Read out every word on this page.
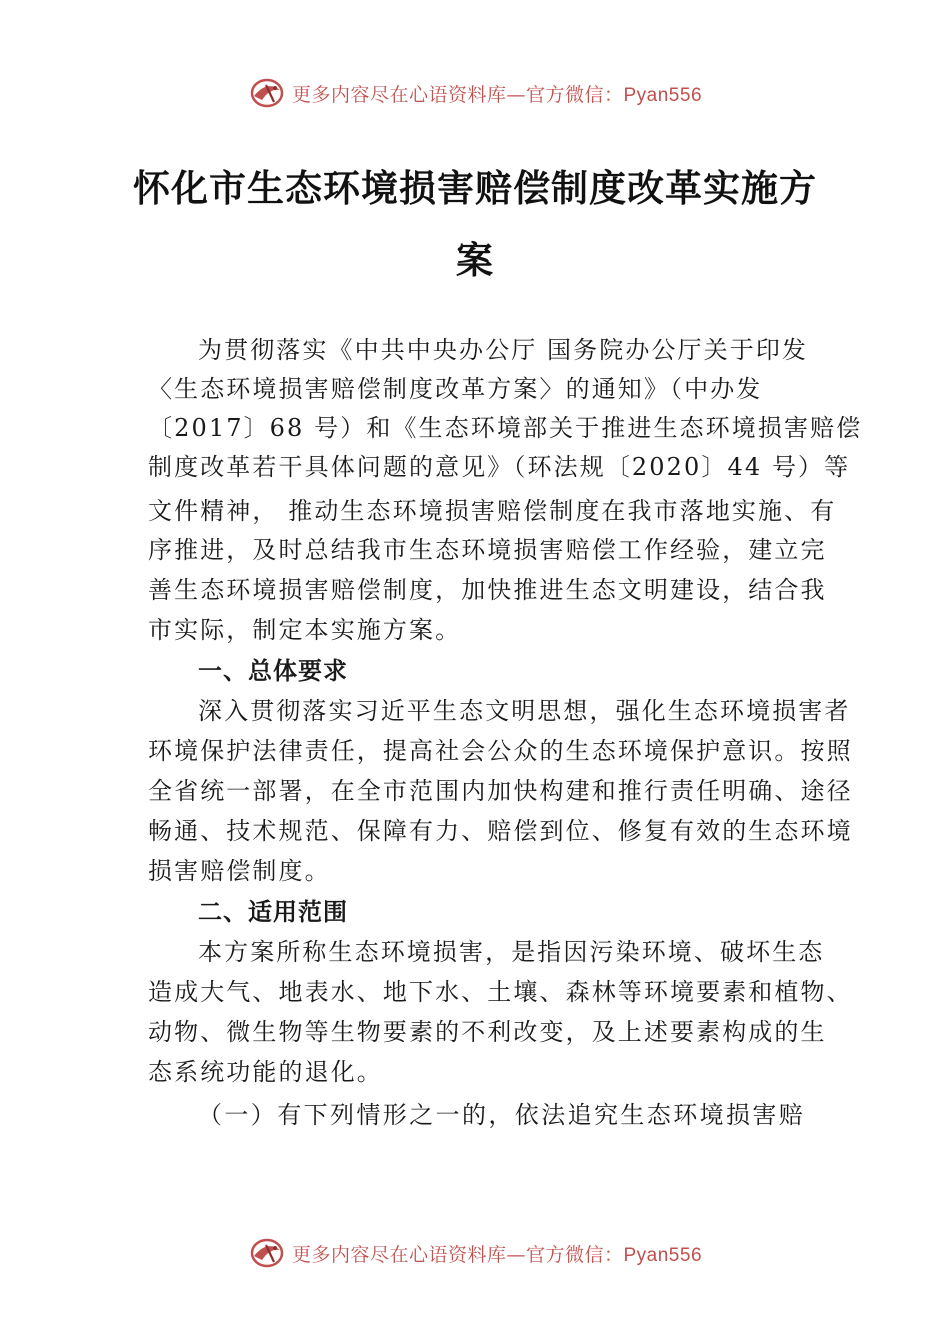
更多内容尽在心语资料库—官方微信：Pyan556
怀化市生态环境损害赔偿制度改革实施方
案
为贯彻落实《中共中央办公厅 国务院办公厅关于印发
〈生态环境损害赔偿制度改革方案〉的通知》（中办发
〔2017〕68 号）和《生态环境部关于推进生态环境损害赔偿
制度改革若干具体问题的意见》（环法规〔2020〕44 号）等
文件精神， 推动生态环境损害赔偿制度在我市落地实施、有
序推进，及时总结我市生态环境损害赔偿工作经验，建立完
善生态环境损害赔偿制度，加快推进生态文明建设，结合我
市实际，制定本实施方案。
一、总体要求
深入贯彻落实习近平生态文明思想，强化生态环境损害者
环境保护法律责任，提高社会公众的生态环境保护意识。按照
全省统一部署，在全市范围内加快构建和推行责任明确、途径
畅通、技术规范、保障有力、赔偿到位、修复有效的生态环境
损害赔偿制度。
二、适用范围
本方案所称生态环境损害，是指因污染环境、破坏生态
造成大气、地表水、地下水、土壤、森林等环境要素和植物、
动物、微生物等生物要素的不利改变，及上述要素构成的生
态系统功能的退化。
（一）有下列情形之一的，依法追究生态环境损害赔
更多内容尽在心语资料库—官方微信：Pyan556
